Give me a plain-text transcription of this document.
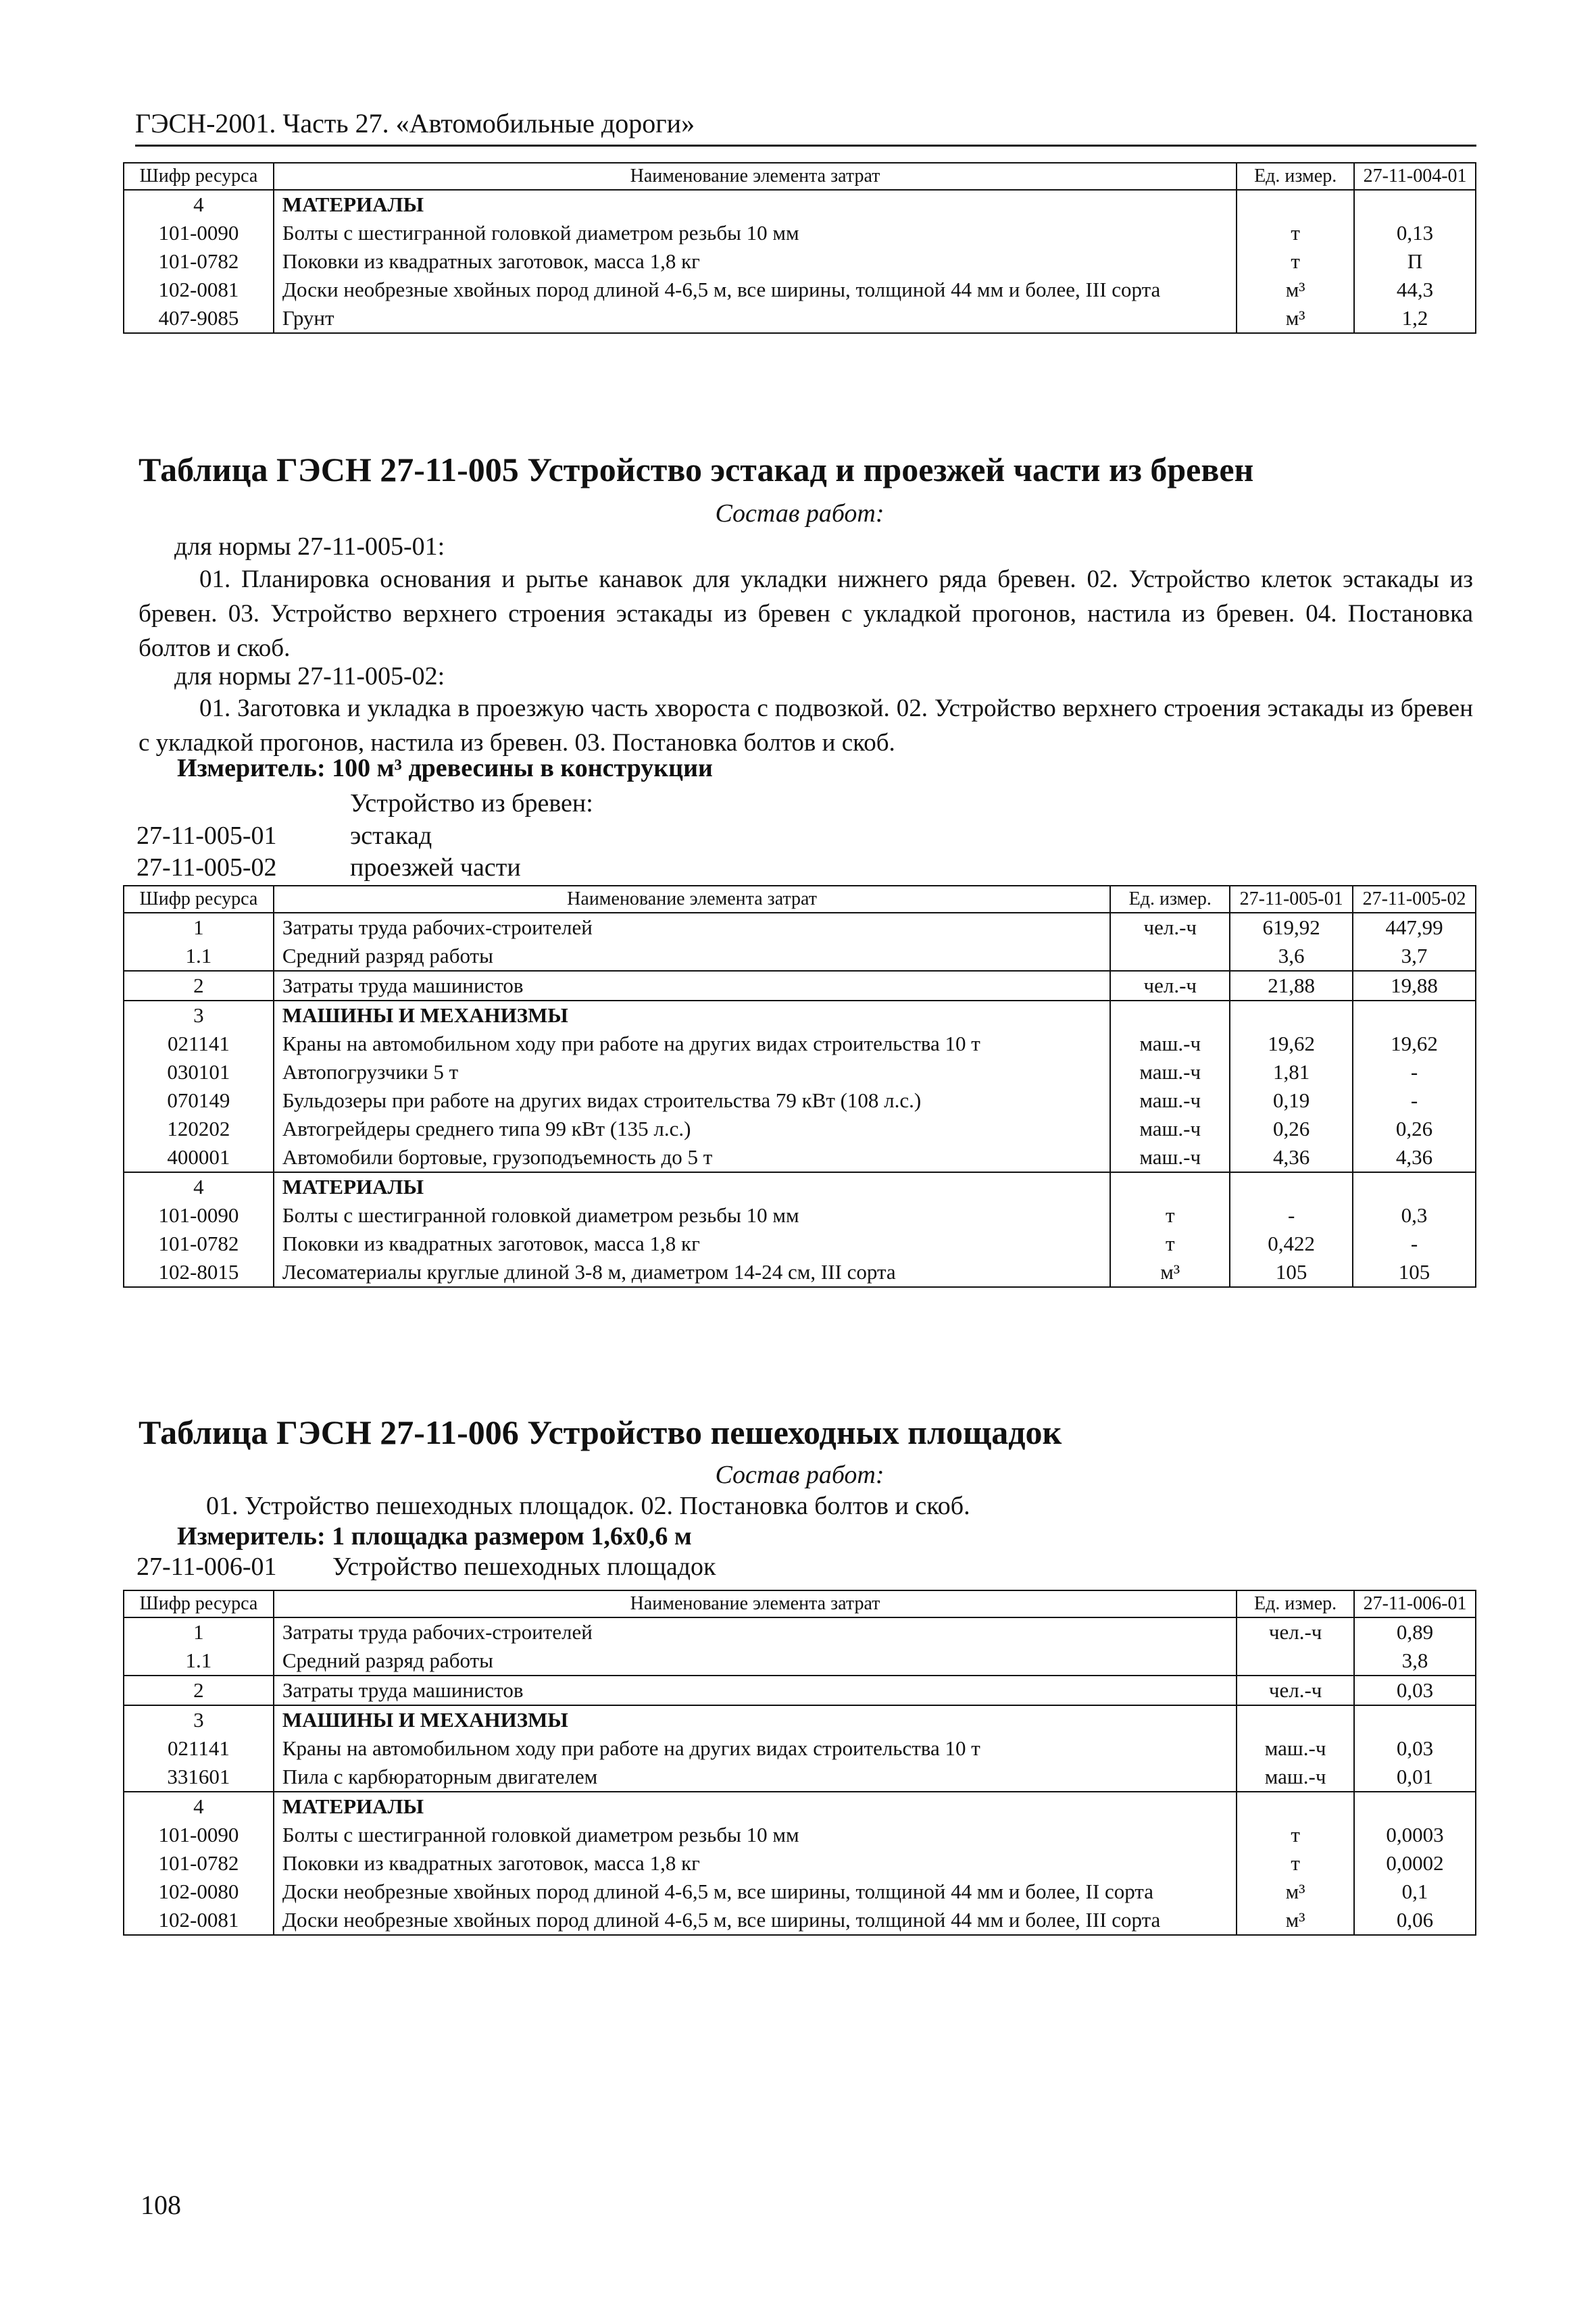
ГЭСН-2001. Часть 27. «Автомобильные дороги»
Шифр ресурса	Наименование элемента затрат	Ед. измер.	27-11-004-01
4	МАТЕРИАЛЫ		
101-0090	Болты с шестигранной головкой диаметром резьбы 10 мм	т	0,13
101-0782	Поковки из квадратных заготовок, масса 1,8 кг	т	П
102-0081	Доски необрезные хвойных пород длиной 4-6,5 м, все ширины, толщиной 44 мм и более, III сорта	м³	44,3
407-9085	Грунт	м³	1,2
Таблица ГЭСН 27-11-005 Устройство эстакад и проезжей части из бревен
Состав работ:
для нормы 27-11-005-01:
01. Планировка основания и рытье канавок для укладки нижнего ряда бревен. 02. Устройство клеток эстакады из бревен. 03. Устройство верхнего строения эстакады из бревен с укладкой прогонов, настила из бревен. 04. Постановка болтов и скоб.
для нормы 27-11-005-02:
01. Заготовка и укладка в проезжую часть хвороста с подвозкой. 02. Устройство верхнего строения эстакады из бревен с укладкой прогонов, настила из бревен. 03. Постановка болтов и скоб.
Измеритель: 100 м³ древесины в конструкции
Устройство из бревен:
27-11-005-01	эстакад
27-11-005-02	проезжей части
Шифр ресурса	Наименование элемента затрат	Ед. измер.	27-11-005-01	27-11-005-02
1	Затраты труда рабочих-строителей	чел.-ч	619,92	447,99
1.1	Средний разряд работы		3,6	3,7
2	Затраты труда машинистов	чел.-ч	21,88	19,88
3	МАШИНЫ И МЕХАНИЗМЫ			
021141	Краны на автомобильном ходу при работе на других видах строительства 10 т	маш.-ч	19,62	19,62
030101	Автопогрузчики 5 т	маш.-ч	1,81	-
070149	Бульдозеры при работе на других видах строительства 79 кВт (108 л.с.)	маш.-ч	0,19	-
120202	Автогрейдеры среднего типа 99 кВт (135 л.с.)	маш.-ч	0,26	0,26
400001	Автомобили бортовые, грузоподъемность до 5 т	маш.-ч	4,36	4,36
4	МАТЕРИАЛЫ			
101-0090	Болты с шестигранной головкой диаметром резьбы 10 мм	т	-	0,3
101-0782	Поковки из квадратных заготовок, масса 1,8 кг	т	0,422	-
102-8015	Лесоматериалы круглые длиной 3-8 м, диаметром 14-24 см, III сорта	м³	105	105
Таблица ГЭСН 27-11-006 Устройство пешеходных площадок
Состав работ:
01. Устройство пешеходных площадок. 02. Постановка болтов и скоб.
Измеритель: 1 площадка размером 1,6x0,6 м
27-11-006-01 Устройство пешеходных площадок
Шифр ресурса	Наименование элемента затрат	Ед. измер.	27-11-006-01
1	Затраты труда рабочих-строителей	чел.-ч	0,89
1.1	Средний разряд работы		3,8
2	Затраты труда машинистов	чел.-ч	0,03
3	МАШИНЫ И МЕХАНИЗМЫ		
021141	Краны на автомобильном ходу при работе на других видах строительства 10 т	маш.-ч	0,03
331601	Пила с карбюраторным двигателем	маш.-ч	0,01
4	МАТЕРИАЛЫ		
101-0090	Болты с шестигранной головкой диаметром резьбы 10 мм	т	0,0003
101-0782	Поковки из квадратных заготовок, масса 1,8 кг	т	0,0002
102-0080	Доски необрезные хвойных пород длиной 4-6,5 м, все ширины, толщиной 44 мм и более, II сорта	м³	0,1
102-0081	Доски необрезные хвойных пород длиной 4-6,5 м, все ширины, толщиной 44 мм и более, III сорта	м³	0,06
108
